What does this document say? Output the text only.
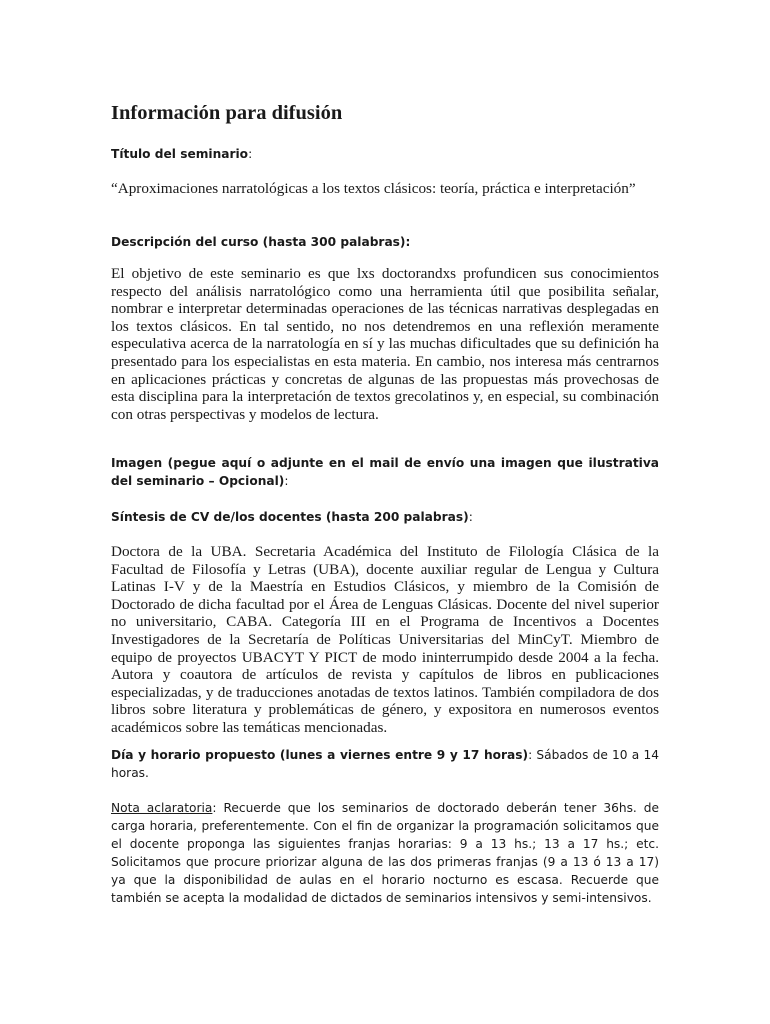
Información para difusión

Título del seminario:

“Aproximaciones narratológicas a los textos clásicos: teoría, práctica e interpretación”

Descripción del curso (hasta 300 palabras):

El objetivo de este seminario es que lxs doctorandxs profundicen sus conocimientos respecto del análisis narratológico como una herramienta útil que posibilita señalar, nombrar e interpretar determinadas operaciones de las técnicas narrativas desplegadas en los textos clásicos. En tal sentido, no nos detendremos en una reflexión meramente especulativa acerca de la narratología en sí y las muchas dificultades que su definición ha presentado para los especialistas en esta materia. En cambio, nos interesa más centrarnos en aplicaciones prácticas y concretas de algunas de las propuestas más provechosas de esta disciplina para la interpretación de textos grecolatinos y, en especial, su combinación con otras perspectivas y modelos de lectura.

Imagen (pegue aquí o adjunte en el mail de envío una imagen que ilustrativa del seminario – Opcional):

Síntesis de CV de/los docentes (hasta 200 palabras):

Doctora de la UBA. Secretaria Académica del Instituto de Filología Clásica de la Facultad de Filosofía y Letras (UBA), docente auxiliar regular de Lengua y Cultura Latinas I-V y de la Maestría en Estudios Clásicos, y miembro de la Comisión de Doctorado de dicha facultad por el Área de Lenguas Clásicas. Docente del nivel superior no universitario, CABA. Categoría III en el Programa de Incentivos a Docentes Investigadores de la Secretaría de Políticas Universitarias del MinCyT. Miembro de equipo de proyectos UBACYT Y PICT de modo ininterrumpido desde 2004 a la fecha. Autora y coautora de artículos de revista y capítulos de libros en publicaciones especializadas, y de traducciones anotadas de textos latinos. También compiladora de dos libros sobre literatura y problemáticas de género, y expositora en numerosos eventos académicos sobre las temáticas mencionadas.

Día y horario propuesto (lunes a viernes entre 9 y 17 horas): Sábados de 10 a 14 horas.

Nota aclaratoria: Recuerde que los seminarios de doctorado deberán tener 36hs. de carga horaria, preferentemente. Con el fin de organizar la programación solicitamos que el docente proponga las siguientes franjas horarias: 9 a 13 hs.; 13 a 17 hs.; etc. Solicitamos que procure priorizar alguna de las dos primeras franjas (9 a 13 ó 13 a 17) ya que la disponibilidad de aulas en el horario nocturno es escasa. Recuerde que también se acepta la modalidad de dictados de seminarios intensivos y semi-intensivos.
